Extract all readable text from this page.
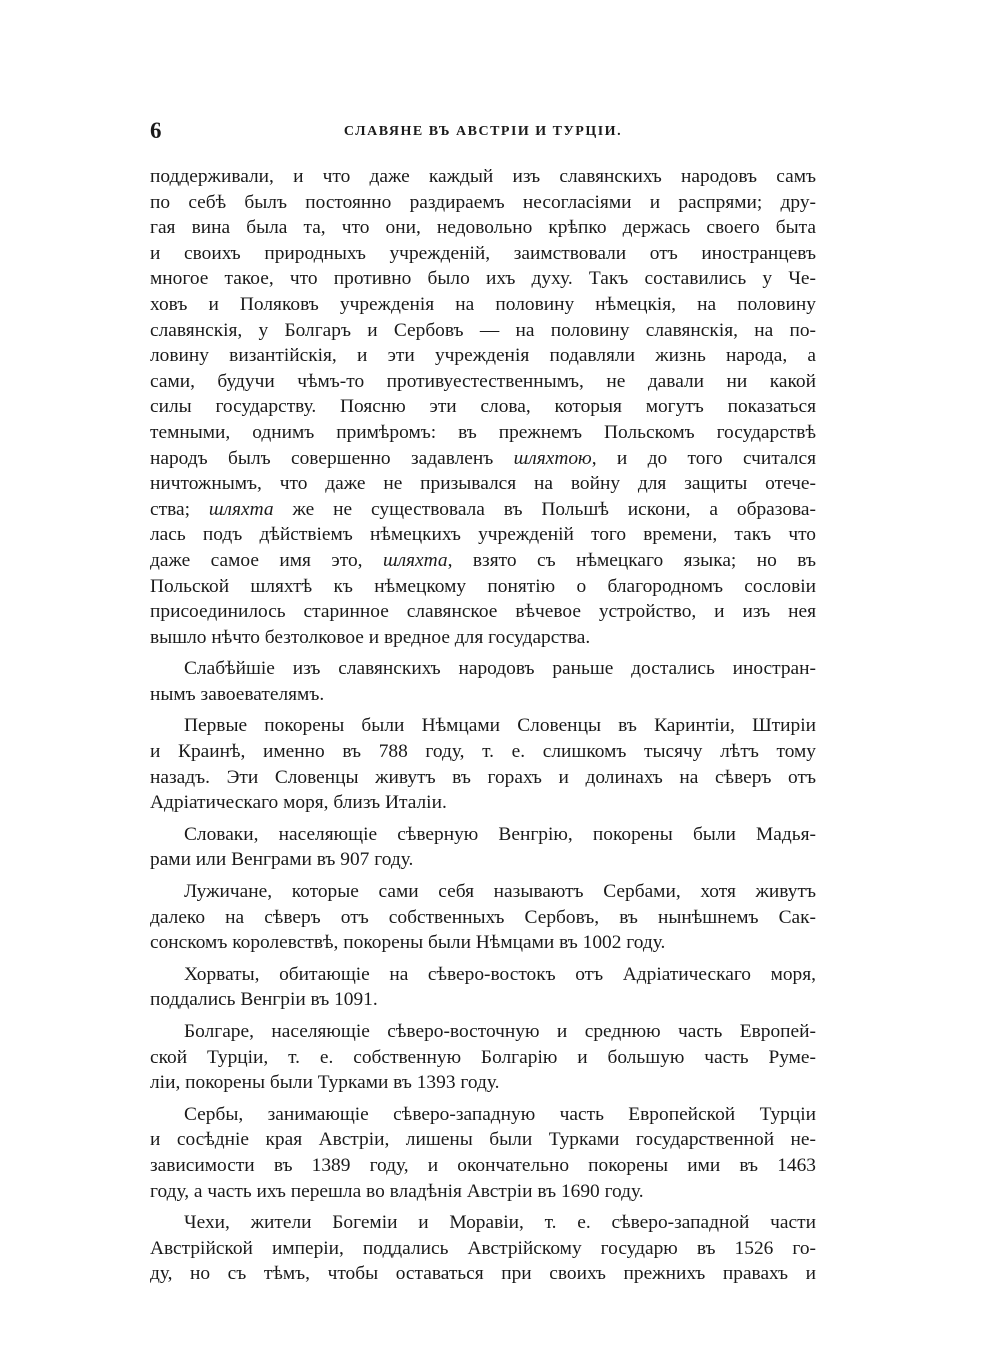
6	СЛАВЯНЕ ВЪ АВСТРІИ И ТУРЦІИ.

поддерживали, и что даже каждый изъ славянскихъ народовъ самъ
по себѣ былъ постоянно раздираемъ несогласіями и распрями; дру-
гая вина была та, что они, недовольно крѣпко держась своего быта
и своихъ природныхъ учрежденій, заимствовали отъ иностранцевъ
многое такое, что противно было ихъ духу. Такъ составились у Че-
ховъ и Поляковъ учрежденія на половину нѣмецкія, на половину
славянскія, у Болгаръ и Сербовъ — на половину славянскія, на по-
ловину византійскія, и эти учрежденія подавляли жизнь народа, а
сами, будучи чѣмъ-то противуестественнымъ, не давали ни какой
силы государству. Поясню эти слова, которыя могутъ показаться
темными, однимъ примѣромъ: въ прежнемъ Польскомъ государствѣ
народъ былъ совершенно задавленъ шляхтою, и до того считался
ничтожнымъ, что даже не призывался на войну для защиты отече-
ства; шляхта же не существовала въ Польшѣ искони, а образова-
лась подъ дѣйствіемъ нѣмецкихъ учрежденій того времени, такъ что
даже самое имя это, шляхта, взято съ нѣмецкаго языка; но въ
Польской шляхтѣ къ нѣмецкому понятію о благородномъ сословіи
присоединилось старинное славянское вѣчевое устройство, и изъ нея
вышло нѣчто безтолковое и вредное для государства.

Слабѣйшіе изъ славянскихъ народовъ раньше достались иностран-
нымъ завоевателямъ.

Первые покорены были Нѣмцами Словенцы въ Каринтіи, Штиріи
и Краинѣ, именно въ 788 году, т. е. слишкомъ тысячу лѣтъ тому
назадъ. Эти Словенцы живутъ въ горахъ и долинахъ на сѣверъ отъ
Адріатическаго моря, близъ Италіи.

Словаки, населяющіе сѣверную Венгрію, покорены были Мадья-
рами или Венграми въ 907 году.

Лужичане, которые сами себя называютъ Сербами, хотя живутъ
далеко на сѣверъ отъ собственныхъ Сербовъ, въ нынѣшнемъ Сак-
сонскомъ королевствѣ, покорены были Нѣмцами въ 1002 году.

Хорваты, обитающіе на сѣверо-востокъ отъ Адріатическаго моря,
поддались Венгріи въ 1091.

Болгаре, населяющіе сѣверо-восточную и среднюю часть Европей-
ской Турціи, т. е. собственную Болгарію и большую часть Руме-
ліи, покорены были Турками въ 1393 году.

Сербы, занимающіе сѣверо-западную часть Европейской Турціи
и сосѣдніе края Австріи, лишены были Турками государственной не-
зависимости въ 1389 году, и окончательно покорены ими въ 1463
году, а часть ихъ перешла во владѣнія Австріи въ 1690 году.

Чехи, жители Богеміи и Моравіи, т. е. сѣверо-западной части
Австрійской имперіи, поддались Австрійскому государю въ 1526 го-
ду, но съ тѣмъ, чтобы оставаться при своихъ прежнихъ правахъ и
